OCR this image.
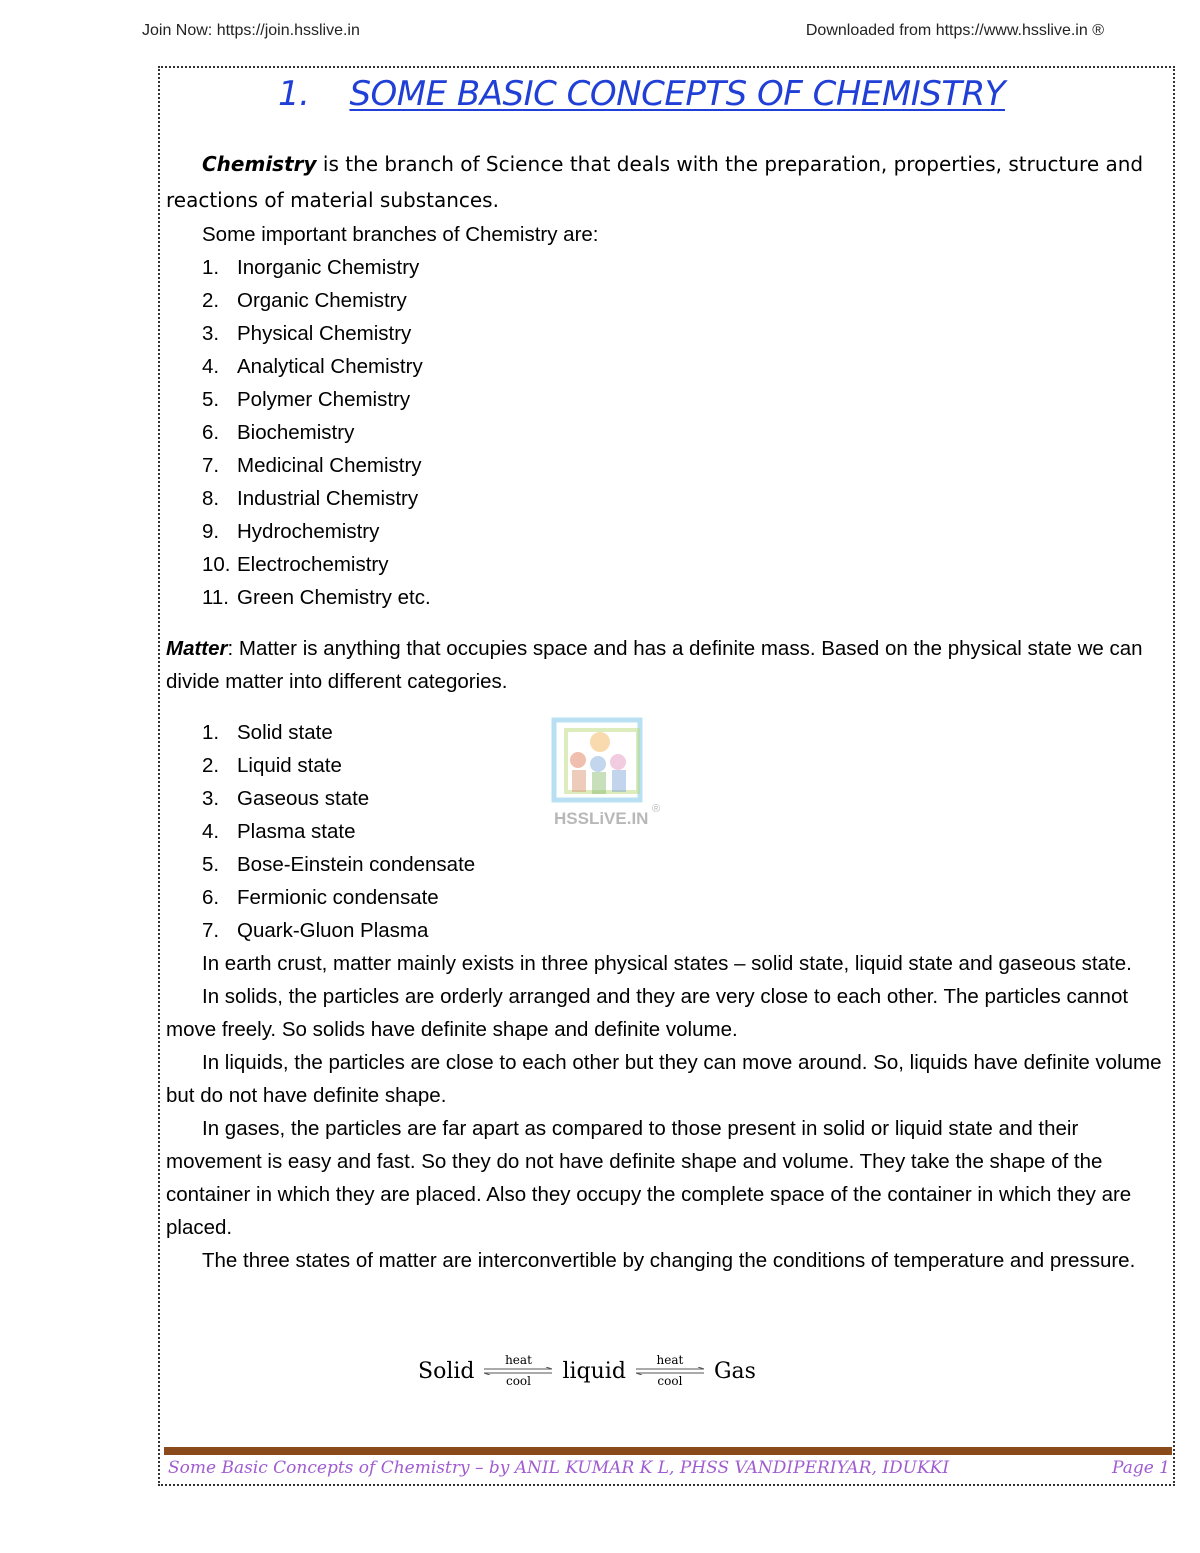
Join Now: https://join.hsslive.in	Downloaded from https://www.hsslive.in ®
1. SOME BASIC CONCEPTS OF CHEMISTRY

Chemistry is the branch of Science that deals with the preparation, properties, structure and reactions of material substances.

Some important branches of Chemistry are:

1. Inorganic Chemistry
2. Organic Chemistry
3. Physical Chemistry
4. Analytical Chemistry
5. Polymer Chemistry
6. Biochemistry
7. Medicinal Chemistry
8. Industrial Chemistry
9. Hydrochemistry
10. Electrochemistry
11. Green Chemistry etc.

Matter: Matter is anything that occupies space and has a definite mass. Based on the physical state we can divide matter into different categories.

1. Solid state
2. Liquid state
3. Gaseous state
4. Plasma state
5. Bose-Einstein condensate
6. Fermionic condensate
7. Quark-Gluon Plasma

In earth crust, matter mainly exists in three physical states – solid state, liquid state and gaseous state.

In solids, the particles are orderly arranged and they are very close to each other. The particles cannot move freely. So solids have definite shape and definite volume.

In liquids, the particles are close to each other but they can move around. So, liquids have definite volume but do not have definite shape.

In gases, the particles are far apart as compared to those present in solid or liquid state and their movement is easy and fast. So they do not have definite shape and volume. They take the shape of the container in which they are placed. Also they occupy the complete space of the container in which they are placed.

The three states of matter are interconvertible by changing the conditions of temperature and pressure.

HSSLiVE.IN ®
Solid	heat
cool liquid	heat
cool Gas
Some Basic Concepts of Chemistry – by ANIL KUMAR K L, PHSS VANDIPERIYAR, IDUKKI	Page 1
